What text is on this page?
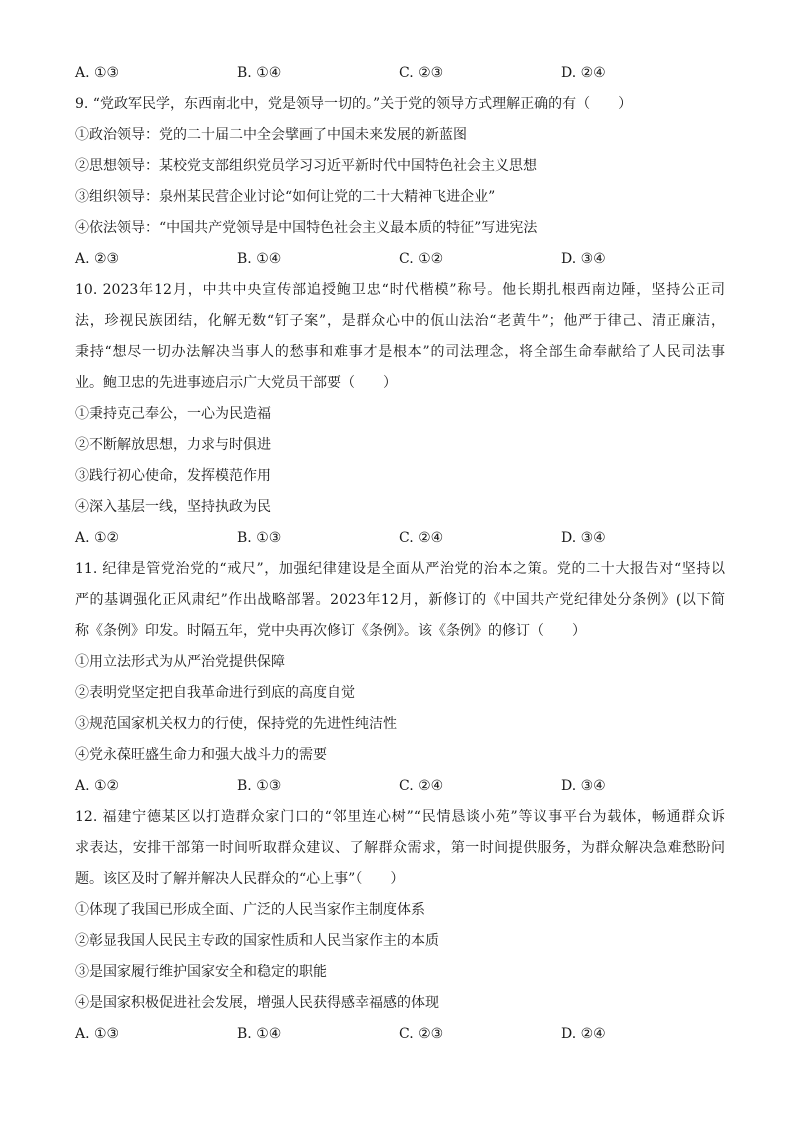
A. ①③	B. ①④	C. ②③	D. ②④
9. “党政军民学，东西南北中，党是领导一切的。”关于党的领导方式理解正确的有（　　）
①政治领导：党的二十届二中全会擘画了中国未来发展的新蓝图
②思想领导：某校党支部组织党员学习习近平新时代中国特色社会主义思想
③组织领导：泉州某民营企业讨论“如何让党的二十大精神飞进企业”
④依法领导：“中国共产党领导是中国特色社会主义最本质的特征”写进宪法
A. ②③	B. ①④	C. ①②	D. ③④
10. 2023年12月，中共中央宣传部追授鲍卫忠“时代楷模”称号。他长期扎根西南边陲，坚持公正司
法，珍视民族团结，化解无数“钉子案”，是群众心中的佤山法治“老黄牛”；他严于律己、清正廉洁，
秉持“想尽一切办法解决当事人的愁事和难事才是根本”的司法理念，将全部生命奉献给了人民司法事
业。鲍卫忠的先进事迹启示广大党员干部要（　　）
①秉持克己奉公，一心为民造福
②不断解放思想，力求与时俱进
③践行初心使命，发挥模范作用
④深入基层一线，坚持执政为民
A. ①②	B. ①③	C. ②④	D. ③④
11. 纪律是管党治党的“戒尺”，加强纪律建设是全面从严治党的治本之策。党的二十大报告对“坚持以
严的基调强化正风肃纪”作出战略部署。2023年12月，新修订的《中国共产党纪律处分条例》(以下简
称《条例》印发。时隔五年，党中央再次修订《条例》。该《条例》的修订（　　）
①用立法形式为从严治党提供保障
②表明党坚定把自我革命进行到底的高度自觉
③规范国家机关权力的行使，保持党的先进性纯洁性
④党永葆旺盛生命力和强大战斗力的需要
A. ①②	B. ①③	C. ②④	D. ③④
12. 福建宁德某区以打造群众家门口的“邻里连心树”“民情恳谈小苑”等议事平台为载体，畅通群众诉
求表达，安排干部第一时间听取群众建议、了解群众需求，第一时间提供服务，为群众解决急难愁盼问
题。该区及时了解并解决人民群众的“心上事”（　　）
①体现了我国已形成全面、广泛的人民当家作主制度体系
②彰显我国人民民主专政的国家性质和人民当家作主的本质
③是国家履行维护国家安全和稳定的职能
④是国家积极促进社会发展，增强人民获得感幸福感的体现
A. ①③	B. ①④	C. ②③	D. ②④
